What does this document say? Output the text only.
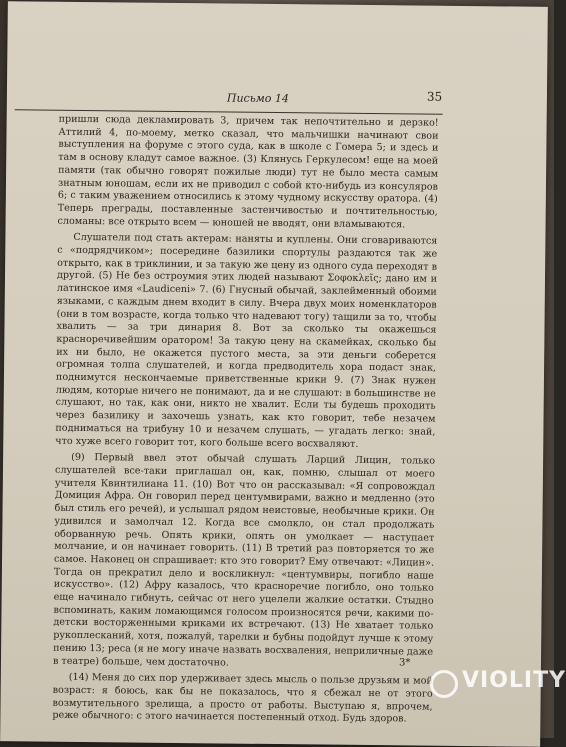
Письмо 14	35

пришли сюда декламировать 3, причем так непочтительно и дерзко! Аттилий 4, по-моему, метко сказал, что мальчишки начинают свои выступления на форуме с этого суда, как в школе с Гомера 5; и здесь и там в основу кладут самое важное. (3) Клянусь Геркулесом! еще на моей памяти (так обычно говорят пожилые люди) тут не было места самым знатным юношам, если их не приводил с собой кто-нибудь из консуляров 6; с таким уважением относились к этому чудному искусству оратора. (4) Теперь преграды, поставленные застенчивостью и почтительностью, сломаны: все открыто всем — юношей не вводят, они вламываются.

Слушатели под стать актерам: наняты и куплены. Они сговариваются с «подрядчиком»; посередине базилики спортулы раздаются так же открыто, как в триклинии, и за такую же цену из одного суда переходят в другой. (5) Не без остроумия этих людей называют Σοφοκλεῖς; дано им и латинское имя «Laudiceni» 7. (6) Гнусный обычай, заклейменный обоими языками, с каждым днем входит в силу. Вчера двух моих номенклаторов (они в том возрасте, когда только что надевают тогу) тащили за то, чтобы хвалить — за три динария 8. Вот за сколько ты окажешься красноречивейшим оратором! За такую цену на скамейках, сколько бы их ни было, не окажется пустого места, за эти деньги соберется огромная толпа слушателей, и когда предводитель хора подаст знак, поднимутся нескончаемые приветственные крики 9. (7) Знак нужен людям, которые ничего не понимают, да и не слушают: в большинстве не слушают, но так, как они, никто не хвалит. Если ты будешь проходить через базилику и захочешь узнать, как кто говорит, тебе незачем подниматься на трибуну 10 и незачем слушать, — угадать легко: знай, что хуже всего говорит тот, кого больше всего восхваляют.

(9) Первый ввел этот обычай слушать Ларций Лицин, только слушателей все-таки приглашал он, как, помню, слышал от моего учителя Квинтилиана 11. (10) Вот что он рассказывал: «Я сопровождал Домиция Афра. Он говорил перед центумвирами, важно и медленно (это был стиль его речей), и услышал рядом неистовые, необычные крики. Он удивился и замолчал 12. Когда все смолкло, он стал продолжать оборванную речь. Опять крики, опять он умолкает — наступает молчание, и он начинает говорить. (11) В третий раз повторяется то же самое. Наконец он спрашивает: кто это говорит? Ему отвечают: «Лицин». Тогда он прекратил дело и воскликнул: «центумвиры, погибло наше искусство». (12) Афру казалось, что красноречие погибло, оно только еще начинало гибнуть, сейчас от него уцелели жалкие остатки. Стыдно вспоминать, каким ломающимся голосом произносятся речи, какими по-детски восторженными криками их встречают. (13) Не хватает только рукоплесканий, хотя, пожалуй, тарелки и бубны подойдут лучше к этому пению 13; реса (я не могу иначе назвать восхваления, неприличные даже в театре) больше, чем достаточно.

(14) Меня до сих пор удерживает здесь мысль о пользе друзьям и мой возраст: я боюсь, как бы не показалось, что я сбежал не от этого возмутительного зрелища, а просто от работы. Выступаю я, впрочем, реже обычного: с этого начинается постепенный отход. Будь здоров.

3*
VIOLITY
